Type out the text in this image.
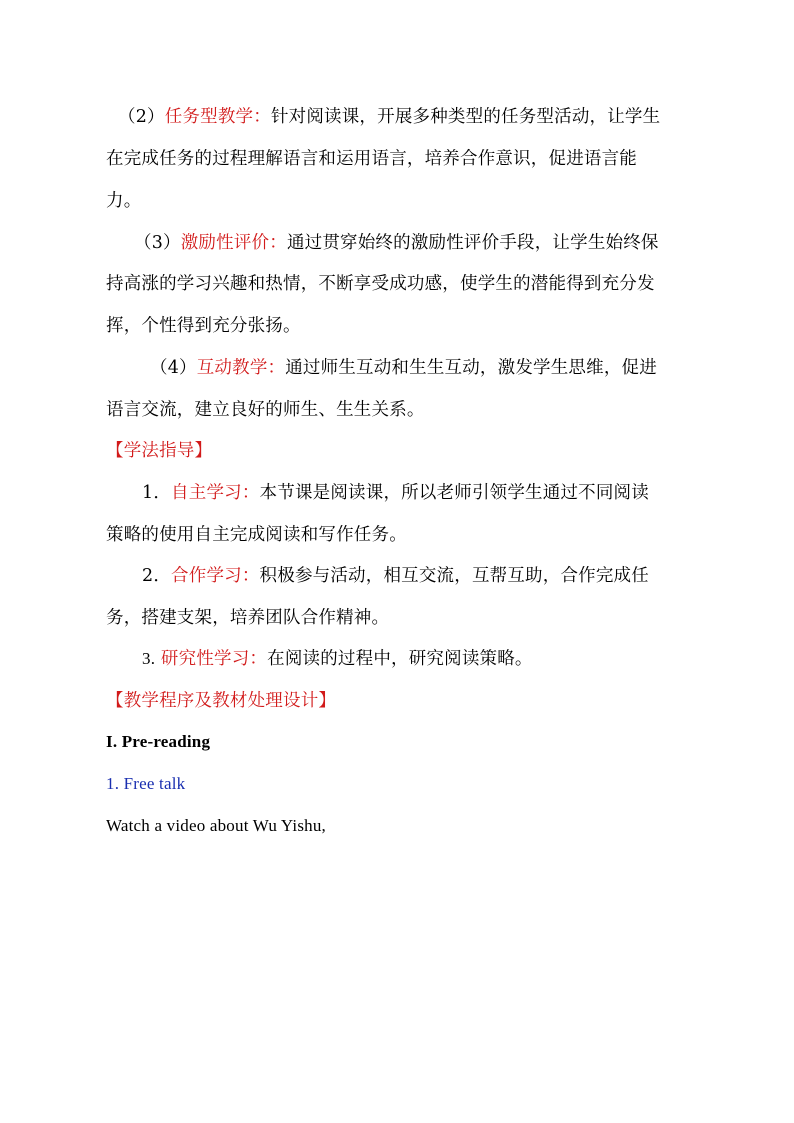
（2）任务型教学：针对阅读课，开展多种类型的任务型活动，让学生
在完成任务的过程理解语言和运用语言，培养合作意识，促进语言能
力。
（3）激励性评价：通过贯穿始终的激励性评价手段，让学生始终保
持高涨的学习兴趣和热情，不断享受成功感，使学生的潜能得到充分发
挥，个性得到充分张扬。
（4）互动教学：通过师生互动和生生互动，激发学生思维，促进
语言交流，建立良好的师生、生生关系。
【学法指导】
1．自主学习：本节课是阅读课，所以老师引领学生通过不同阅读
策略的使用自主完成阅读和写作任务。
2．合作学习：积极参与活动，相互交流，互帮互助，合作完成任
务，搭建支架，培养团队合作精神。
3. 研究性学习：在阅读的过程中，研究阅读策略。
【教学程序及教材处理设计】
I. Pre-reading
1. Free talk
Watch a video about Wu Yishu,
